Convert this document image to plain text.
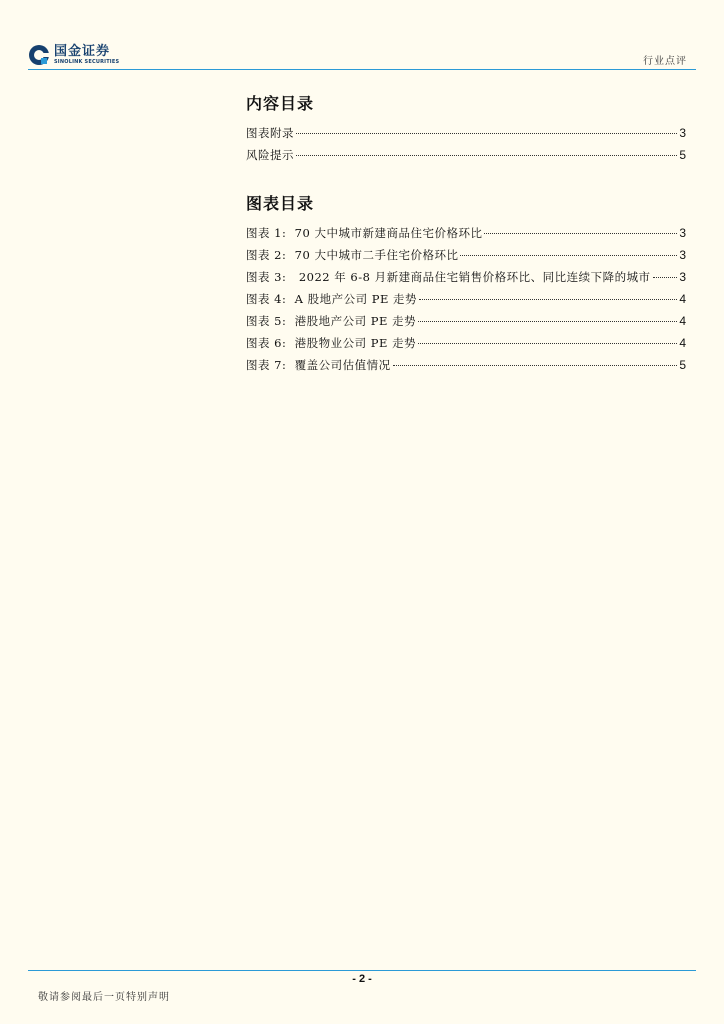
国金证券
SINOLINK SECURITIES	行业点评
内容目录
图表附录	3
风险提示	5
图表目录
图表 1:  70 大中城市新建商品住宅价格环比	3
图表 2:  70 大中城市二手住宅价格环比	3
图表 3:   2022 年 6-8 月新建商品住宅销售价格环比、同比连续下降的城市 3
图表 4:  A 股地产公司 PE 走势	4
图表 5:  港股地产公司 PE 走势	4
图表 6:  港股物业公司 PE 走势	4
图表 7:  覆盖公司估值情况	5
- 2 -
敬请参阅最后一页特别声明
